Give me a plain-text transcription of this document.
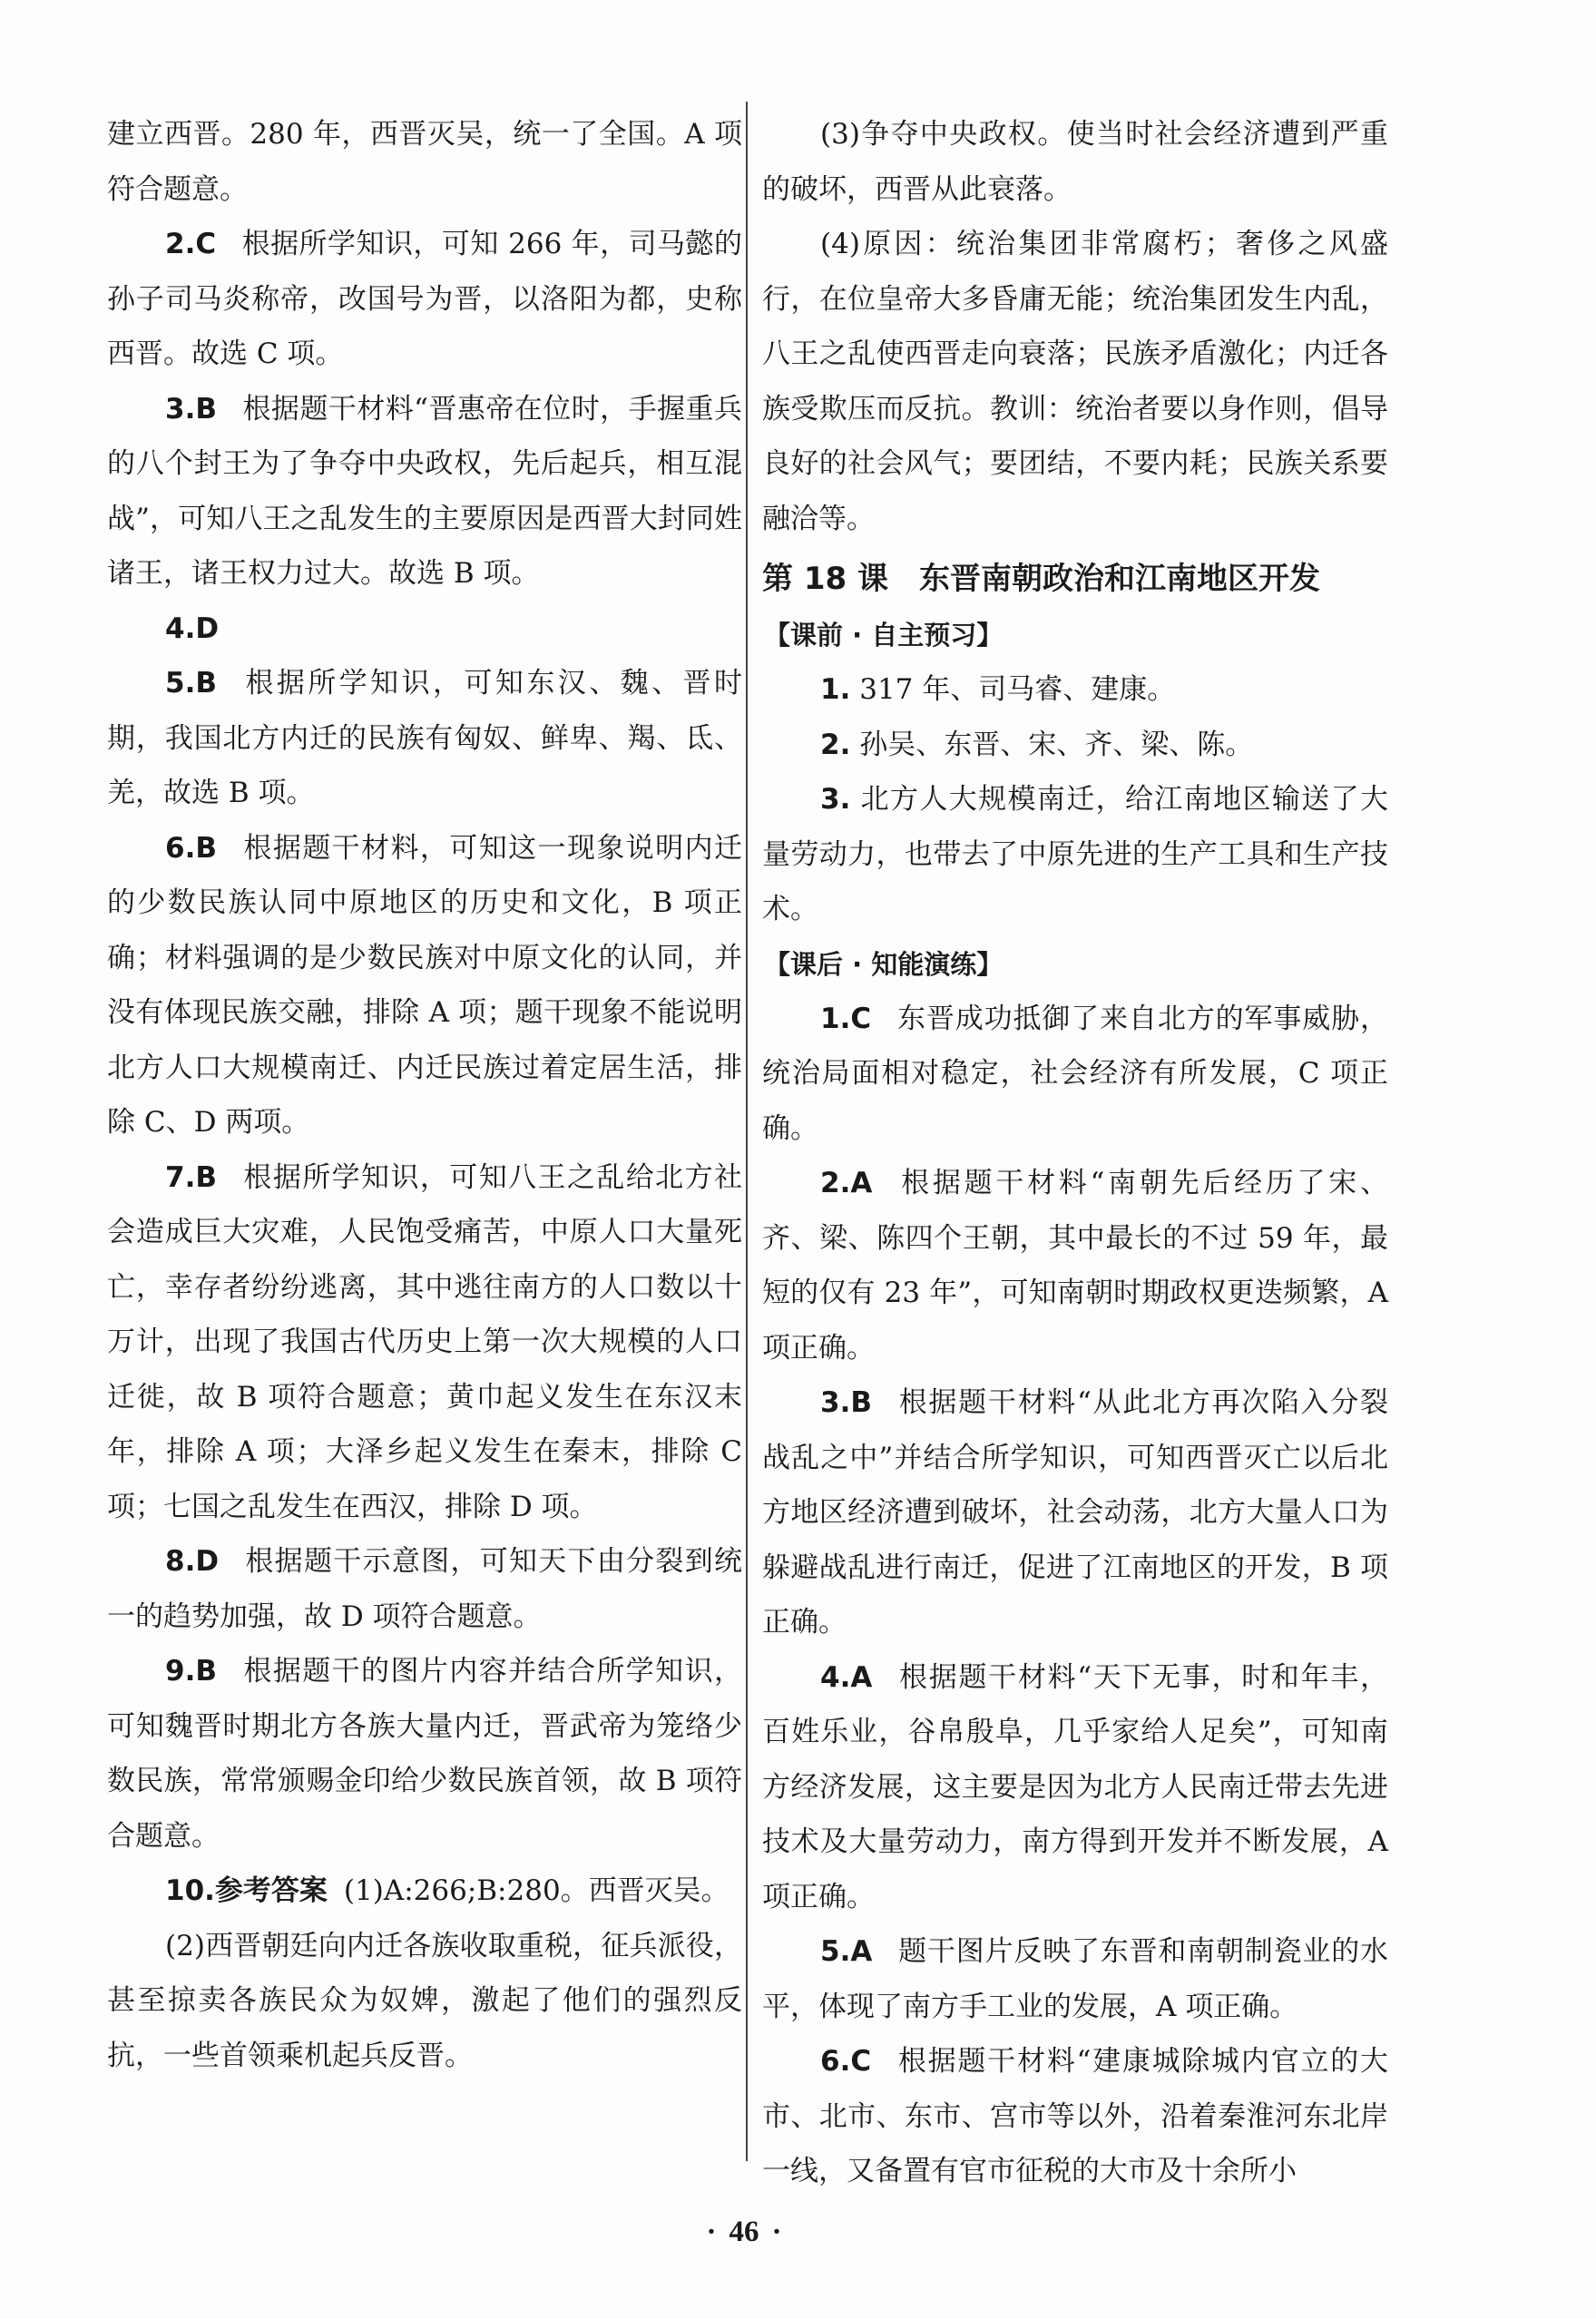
建立西晋。280 年，西晋灭吴，统一了全国。A 项符合题意。

2.C 根据所学知识，可知 266 年，司马懿的孙子司马炎称帝，改国号为晋，以洛阳为都，史称西晋。故选 C 项。

3.B 根据题干材料“晋惠帝在位时，手握重兵的八个封王为了争夺中央政权，先后起兵，相互混战”，可知八王之乱发生的主要原因是西晋大封同姓诸王，诸王权力过大。故选 B 项。

4.D

5.B 根据所学知识，可知东汉、魏、晋时期，我国北方内迁的民族有匈奴、鲜卑、羯、氐、羌，故选 B 项。

6.B 根据题干材料，可知这一现象说明内迁的少数民族认同中原地区的历史和文化，B 项正确；材料强调的是少数民族对中原文化的认同，并没有体现民族交融，排除 A 项；题干现象不能说明北方人口大规模南迁、内迁民族过着定居生活，排除 C、D 两项。

7.B 根据所学知识，可知八王之乱给北方社会造成巨大灾难，人民饱受痛苦，中原人口大量死亡，幸存者纷纷逃离，其中逃往南方的人口数以十万计，出现了我国古代历史上第一次大规模的人口迁徙，故 B 项符合题意；黄巾起义发生在东汉末年，排除 A 项；大泽乡起义发生在秦末，排除 C 项；七国之乱发生在西汉，排除 D 项。

8.D 根据题干示意图，可知天下由分裂到统一的趋势加强，故 D 项符合题意。

9.B 根据题干的图片内容并结合所学知识，可知魏晋时期北方各族大量内迁，晋武帝为笼络少数民族，常常颁赐金印给少数民族首领，故 B 项符合题意。

10.参考答案 (1)A:266;B:280。西晋灭吴。

(2)西晋朝廷向内迁各族收取重税，征兵派役，甚至掠卖各族民众为奴婢，激起了他们的强烈反抗，一些首领乘机起兵反晋。

(3)争夺中央政权。使当时社会经济遭到严重的破坏，西晋从此衰落。

(4)原因：统治集团非常腐朽；奢侈之风盛行，在位皇帝大多昏庸无能；统治集团发生内乱，八王之乱使西晋走向衰落；民族矛盾激化；内迁各族受欺压而反抗。教训：统治者要以身作则，倡导良好的社会风气；要团结，不要内耗；民族关系要融洽等。

第 18 课 东晋南朝政治和江南地区开发
【课前 · 自主预习】

1. 317 年、司马睿、建康。

2. 孙吴、东晋、宋、齐、梁、陈。

3. 北方人大规模南迁，给江南地区输送了大量劳动力，也带去了中原先进的生产工具和生产技术。

【课后 · 知能演练】

1.C 东晋成功抵御了来自北方的军事威胁，统治局面相对稳定，社会经济有所发展，C 项正确。

2.A 根据题干材料“南朝先后经历了宋、齐、梁、陈四个王朝，其中最长的不过 59 年，最短的仅有 23 年”，可知南朝时期政权更迭频繁，A 项正确。

3.B 根据题干材料“从此北方再次陷入分裂战乱之中”并结合所学知识，可知西晋灭亡以后北方地区经济遭到破坏，社会动荡，北方大量人口为躲避战乱进行南迁，促进了江南地区的开发，B 项正确。

4.A 根据题干材料“天下无事，时和年丰，百姓乐业，谷帛殷阜，几乎家给人足矣”，可知南方经济发展，这主要是因为北方人民南迁带去先进技术及大量劳动力，南方得到开发并不断发展，A 项正确。

5.A 题干图片反映了东晋和南朝制瓷业的水平，体现了南方手工业的发展，A 项正确。

6.C 根据题干材料“建康城除城内官立的大市、北市、东市、宫市等以外，沿着秦淮河东北岸一线，又备置有官市征税的大市及十余所小

· 46 ·
